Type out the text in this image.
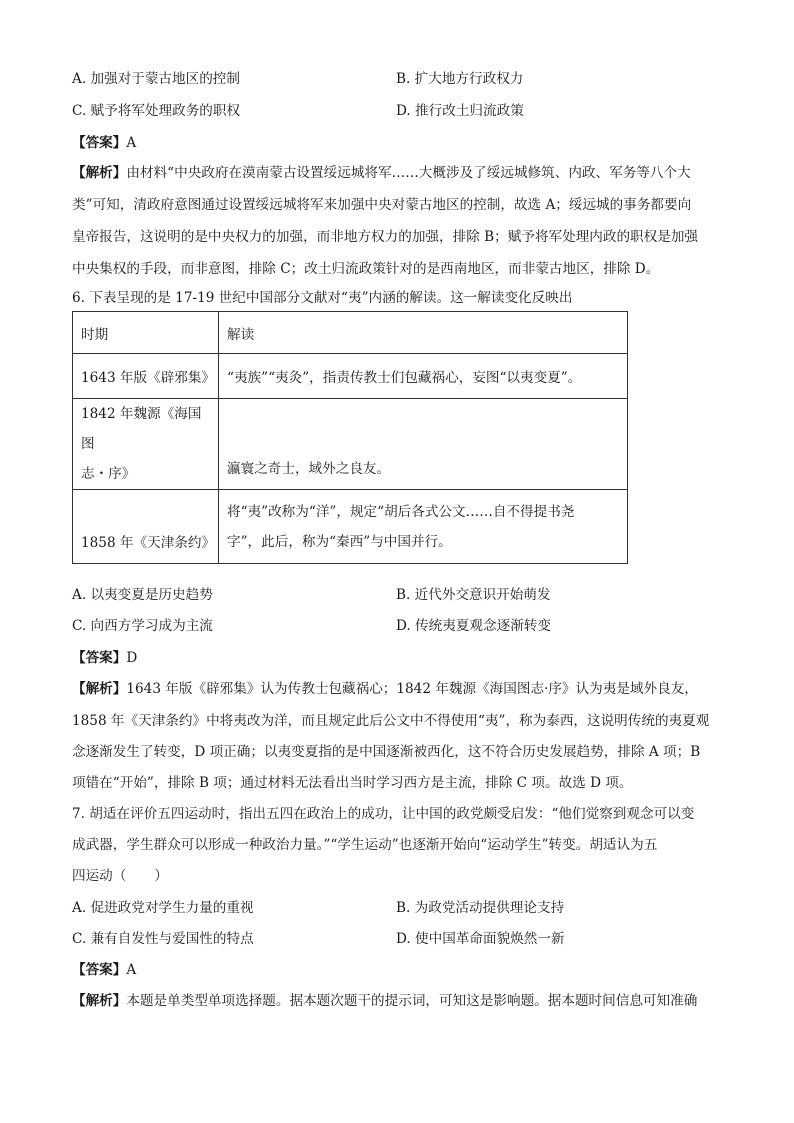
A. 加强对于蒙古地区的控制	B. 扩大地方行政权力
C. 赋予将军处理政务的职权	D. 推行改土归流政策
【答案】A
【解析】由材料“中央政府在漠南蒙古设置绥远城将军……大概涉及了绥远城修筑、内政、军务等八个大
类”可知，清政府意图通过设置绥远城将军来加强中央对蒙古地区的控制，故选 A；绥远城的事务都要向
皇帝报告，这说明的是中央权力的加强，而非地方权力的加强，排除 B；赋予将军处理内政的职权是加强
中央集权的手段，而非意图，排除 C；改土归流政策针对的是西南地区，而非蒙古地区，排除 D。
6. 下表呈现的是 17-19 世纪中国部分文献对“夷”内涵的解读。这一解读变化反映出
时期	解读
1643 年版《辟邪集》	“夷族”“夷灸”，指责传教士们包藏祸心，妄图“以夷变夏”。

1842 年魏源《海国图
志・序》	瀛寰之奇士，域外之良友。
1858 年《天津条约》	将“夷”改称为“洋”，规定“胡后各式公文……自不得提书尧
字”，此后，称为“秦西”与中国并行。
A. 以夷变夏是历史趋势	B. 近代外交意识开始萌发
C. 向西方学习成为主流	D. 传统夷夏观念逐渐转变
【答案】D
【解析】1643 年版《辟邪集》认为传教士包藏祸心；1842 年魏源《海国图志·序》认为夷是域外良友，
1858 年《天津条约》中将夷改为洋，而且规定此后公文中不得使用“夷”，称为泰西，这说明传统的夷夏观
念逐渐发生了转变，D 项正确；以夷变夏指的是中国逐渐被西化，这不符合历史发展趋势，排除 A 项；B
项错在“开始”，排除 B 项；通过材料无法看出当时学习西方是主流，排除 C 项。故选 D 项。
7. 胡适在评价五四运动时，指出五四在政治上的成功，让中国的政党颇受启发：“他们觉察到观念可以变
成武器，学生群众可以形成一种政治力量。”“学生运动”也逐渐开始向“运动学生”转变。胡适认为五
四运动（ ）
A. 促进政党对学生力量的重视	B. 为政党活动提供理论支持
C. 兼有自发性与爱国性的特点	D. 使中国革命面貌焕然一新
【答案】A
【解析】本题是单类型单项选择题。据本题次题干的提示词，可知这是影响题。据本题时间信息可知准确
